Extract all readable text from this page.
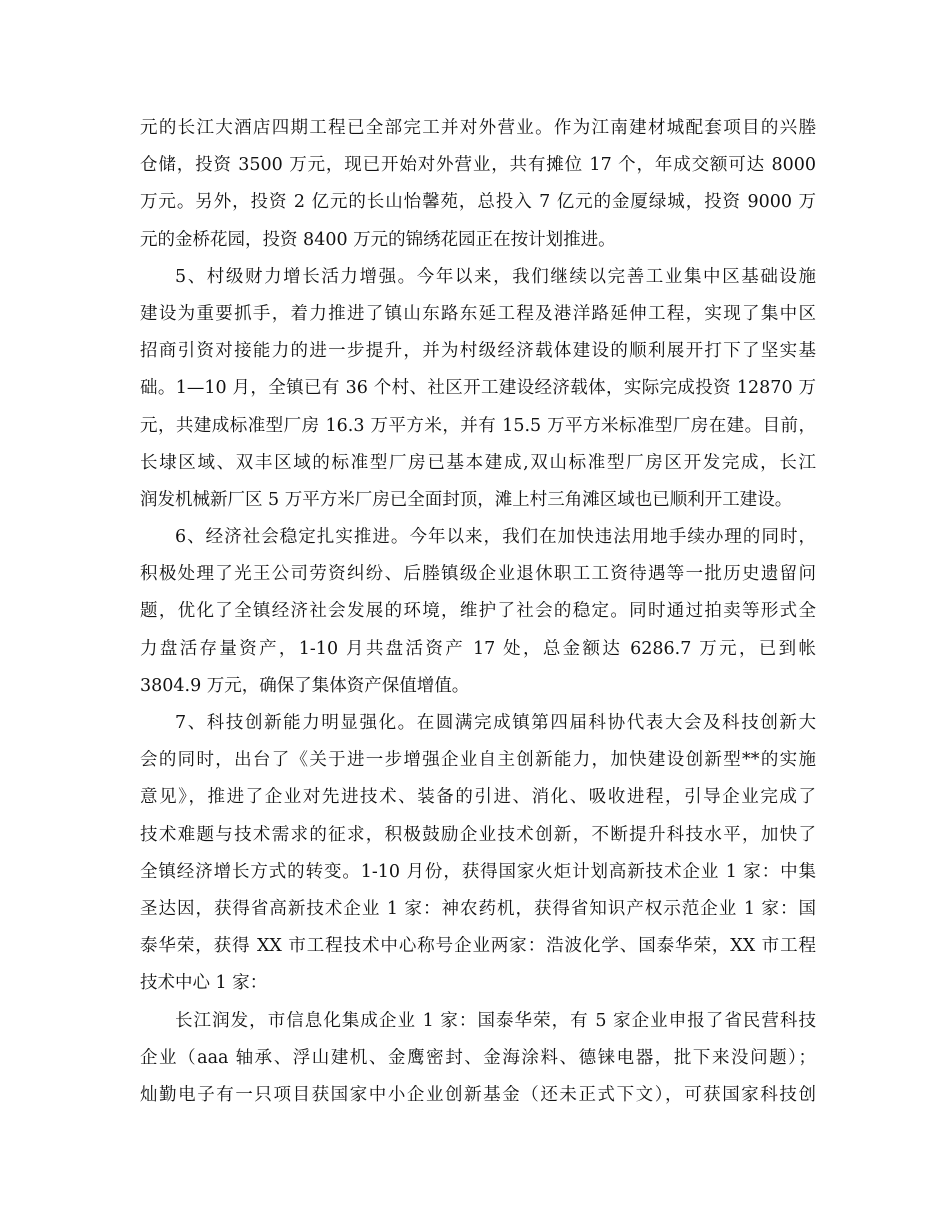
元的长江大酒店四期工程已全部完工并对外营业。作为江南建材城配套项目的兴塍
仓储，投资 3500 万元，现已开始对外营业，共有摊位 17 个，年成交额可达 8000
万元。另外，投资 2 亿元的长山怡馨苑，总投入 7 亿元的金厦绿城，投资 9000 万
元的金桥花园，投资 8400 万元的锦绣花园正在按计划推进。
5、村级财力增长活力增强。今年以来，我们继续以完善工业集中区基础设施
建设为重要抓手，着力推进了镇山东路东延工程及港洋路延伸工程，实现了集中区
招商引资对接能力的进一步提升，并为村级经济载体建设的顺利展开打下了坚实基
础。1—10 月，全镇已有 36 个村、社区开工建设经济载体，实际完成投资 12870 万
元，共建成标准型厂房 16.3 万平方米，并有 15.5 万平方米标准型厂房在建。目前，
长埭区域、双丰区域的标准型厂房已基本建成,双山标准型厂房区开发完成，长江
润发机械新厂区 5 万平方米厂房已全面封顶，滩上村三角滩区域也已顺利开工建设。
6、经济社会稳定扎实推进。今年以来，我们在加快违法用地手续办理的同时，
积极处理了光王公司劳资纠纷、后塍镇级企业退休职工工资待遇等一批历史遗留问
题，优化了全镇经济社会发展的环境，维护了社会的稳定。同时通过拍卖等形式全
力盘活存量资产，1-10 月共盘活资产 17 处，总金额达 6286.7 万元，已到帐
3804.9 万元，确保了集体资产保值增值。
7、科技创新能力明显强化。在圆满完成镇第四届科协代表大会及科技创新大
会的同时，出台了《关于进一步增强企业自主创新能力，加快建设创新型**的实施
意见》，推进了企业对先进技术、装备的引进、消化、吸收进程，引导企业完成了
技术难题与技术需求的征求，积极鼓励企业技术创新，不断提升科技水平，加快了
全镇经济增长方式的转变。1-10 月份，获得国家火炬计划高新技术企业 1 家：中集
圣达因，获得省高新技术企业 1 家：神农药机，获得省知识产权示范企业 1 家：国
泰华荣，获得 XX 市工程技术中心称号企业两家：浩波化学、国泰华荣，XX 市工程
技术中心 1 家：
长江润发，市信息化集成企业 1 家：国泰华荣，有 5 家企业申报了省民营科技
企业（aaa 轴承、浮山建机、金鹰密封、金海涂料、德铼电器，批下来没问题）；
灿勤电子有一只项目获国家中小企业创新基金（还未正式下文），可获国家科技创
